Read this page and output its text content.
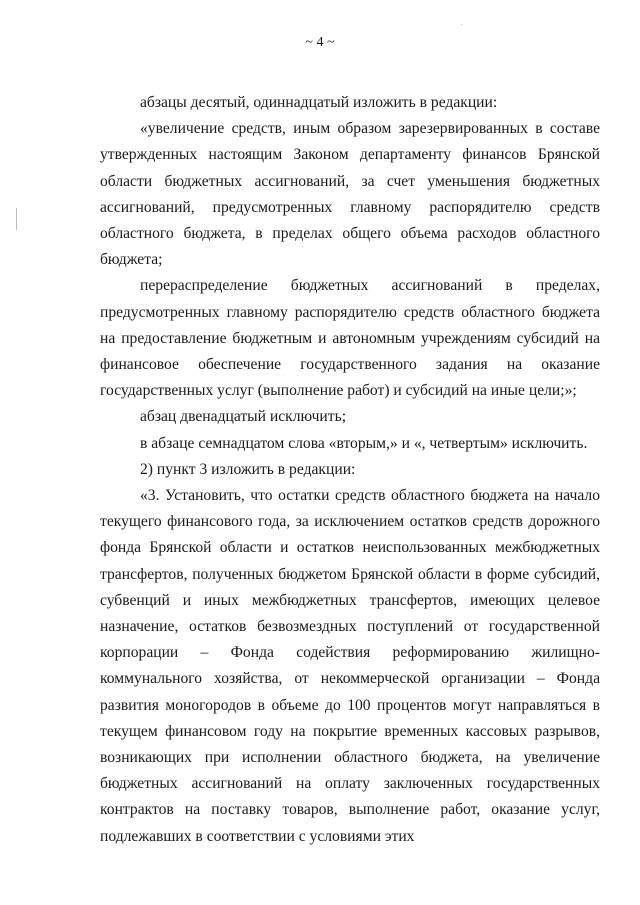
~ 4 ~

абзацы десятый, одиннадцатый изложить в редакции:

«увеличение средств, иным образом зарезервированных в составе утвержденных настоящим Законом департаменту финансов Брянской области бюджетных ассигнований, за счет уменьшения бюджетных ассигнований, предусмотренных главному распорядителю средств областного бюджета, в пределах общего объема расходов областного бюджета;

перераспределение бюджетных ассигнований в пределах, предусмотренных главному распорядителю средств областного бюджета на предоставление бюджетным и автономным учреждениям субсидий на финансовое обеспечение государственного задания на оказание государственных услуг (выполнение работ) и субсидий на иные цели;»;

абзац двенадцатый исключить;

в абзаце семнадцатом слова «вторым,» и «, четвертым» исключить.

2) пункт 3 изложить в редакции:

«3. Установить, что остатки средств областного бюджета на начало текущего финансового года, за исключением остатков средств дорожного фонда Брянской области и остатков неиспользованных межбюджетных трансфертов, полученных бюджетом Брянской области в форме субсидий, субвенций и иных межбюджетных трансфертов, имеющих целевое назначение, остатков безвозмездных поступлений от государственной корпорации – Фонда содействия реформированию жилищно-коммунального хозяйства, от некоммерческой организации – Фонда развития моногородов в объеме до 100 процентов могут направляться в текущем финансовом году на покрытие временных кассовых разрывов, возникающих при исполнении областного бюджета, на увеличение бюджетных ассигнований на оплату заключенных государственных контрактов на поставку товаров, выполнение работ, оказание услуг, подлежавших в соответствии с условиями этих
